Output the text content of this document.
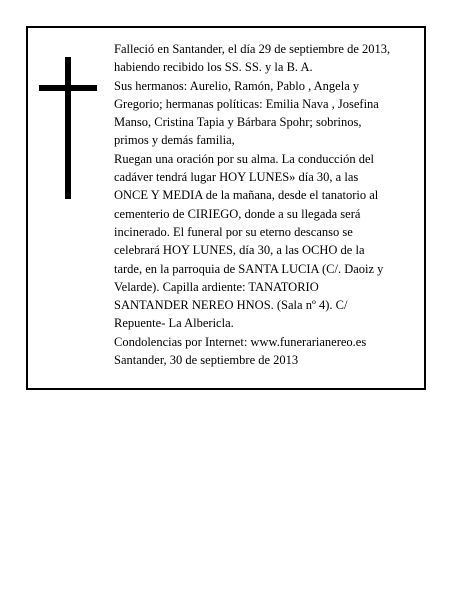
Falleció en Santander, el día 29 de septiembre de 2013,

habiendo recibido los SS. SS. y la B. A.

Sus hermanos: Aurelio, Ramón, Pablo , Angela y

Gregorio; hermanas políticas: Emilia Nava , Josefina

Manso, Cristina Tapia y Bárbara Spohr; sobrinos,

primos y demás familia,

Ruegan una oración por su alma. La conducción del

cadáver tendrá lugar HOY LUNES» día 30, a las

ONCE Y MEDIA de la mañana, desde el tanatorio al

cementerio de CIRIEGO, donde a su llegada será

incinerado. El funeral por su eterno descanso se

celebrará HOY LUNES, día 30, a las OCHO de la

tarde, en la parroquia de SANTA LUCIA (C/. Daoiz y

Velarde). Capilla ardiente: TANATORIO

SANTANDER NEREO HNOS. (Sala nº 4). C/

Repuente- La Albericla.

Condolencias por Internet: www.funerarianereo.es

Santander, 30 de septiembre de 2013
